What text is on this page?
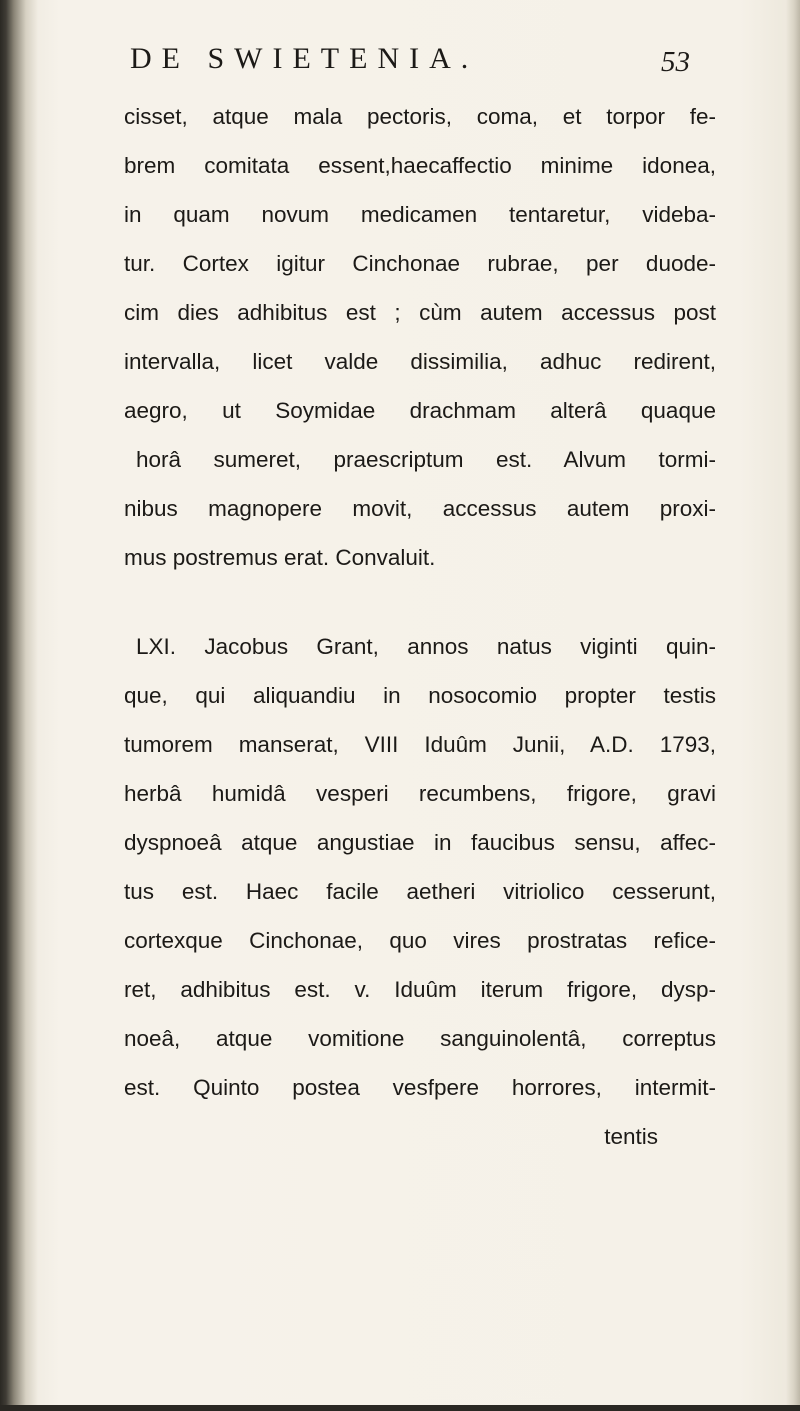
DE SWIETENIA.	53
cisset, atque mala pectoris, coma, et torpor fe-
brem comitata essent,haecaffectio minime idonea,
in quam novum medicamen tentaretur, videba-
tur. Cortex igitur Cinchonae rubrae, per duode-
cim dies adhibitus est ; cùm autem accessus post
intervalla, licet valde dissimilia, adhuc redirent,
aegro, ut Soymidae drachmam alterâ quaque
horâ sumeret, praescriptum est. Alvum tormi-
nibus magnopere movit, accessus autem proxi-
mus postremus erat. Convaluit.
LXI. Jacobus Grant, annos natus viginti quin-
que, qui aliquandiu in nosocomio propter testis
tumorem manserat, VIII Iduûm Junii, A.D. 1793,
herbâ humidâ vesperi recumbens, frigore, gravi
dyspnoeâ atque angustiae in faucibus sensu, affec-
tus est. Haec facile aetheri vitriolico cesserunt,
cortexque Cinchonae, quo vires prostratas refice-
ret, adhibitus est. v. Iduûm iterum frigore, dysp-
noeâ, atque vomitione sanguinolentâ, correptus
est. Quinto postea vesfpere horrores, intermit-
tentis
